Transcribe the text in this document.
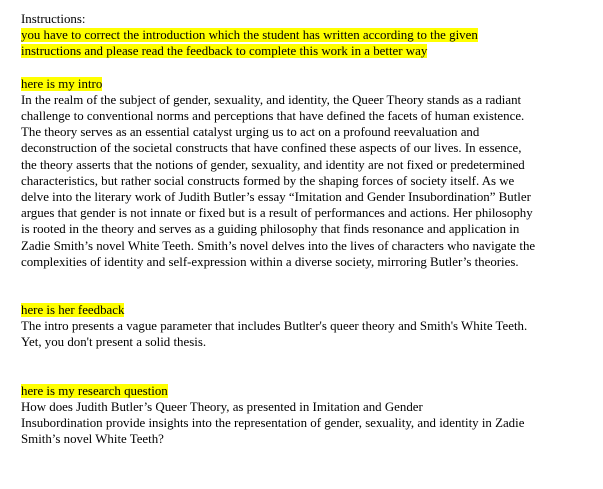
Instructions:

you have to correct the introduction which the student has written according to the given
instructions and please read the feedback to complete this work in a better way
here is my intro
In the realm of the subject of gender, sexuality, and identity, the Queer Theory stands as a radiant
challenge to conventional norms and perceptions that have defined the facets of human existence.
The theory serves as an essential catalyst urging us to act on a profound reevaluation and
deconstruction of the societal constructs that have confined these aspects of our lives. In essence,
the theory asserts that the notions of gender, sexuality, and identity are not fixed or predetermined
characteristics, but rather social constructs formed by the shaping forces of society itself. As we
delve into the literary work of Judith Butler’s essay “Imitation and Gender Insubordination” Butler
argues that gender is not innate or fixed but is a result of performances and actions. Her philosophy
is rooted in the theory and serves as a guiding philosophy that finds resonance and application in
Zadie Smith’s novel White Teeth. Smith’s novel delves into the lives of characters who navigate the
complexities of identity and self-expression within a diverse society, mirroring Butler’s theories.
here is her feedback
The intro presents a vague parameter that includes Butlter's queer theory and Smith's White Teeth.
Yet, you don't present a solid thesis.
here is my research question
How does Judith Butler’s Queer Theory, as presented in Imitation and Gender
Insubordination provide insights into the representation of gender, sexuality, and identity in Zadie
Smith’s novel White Teeth?
